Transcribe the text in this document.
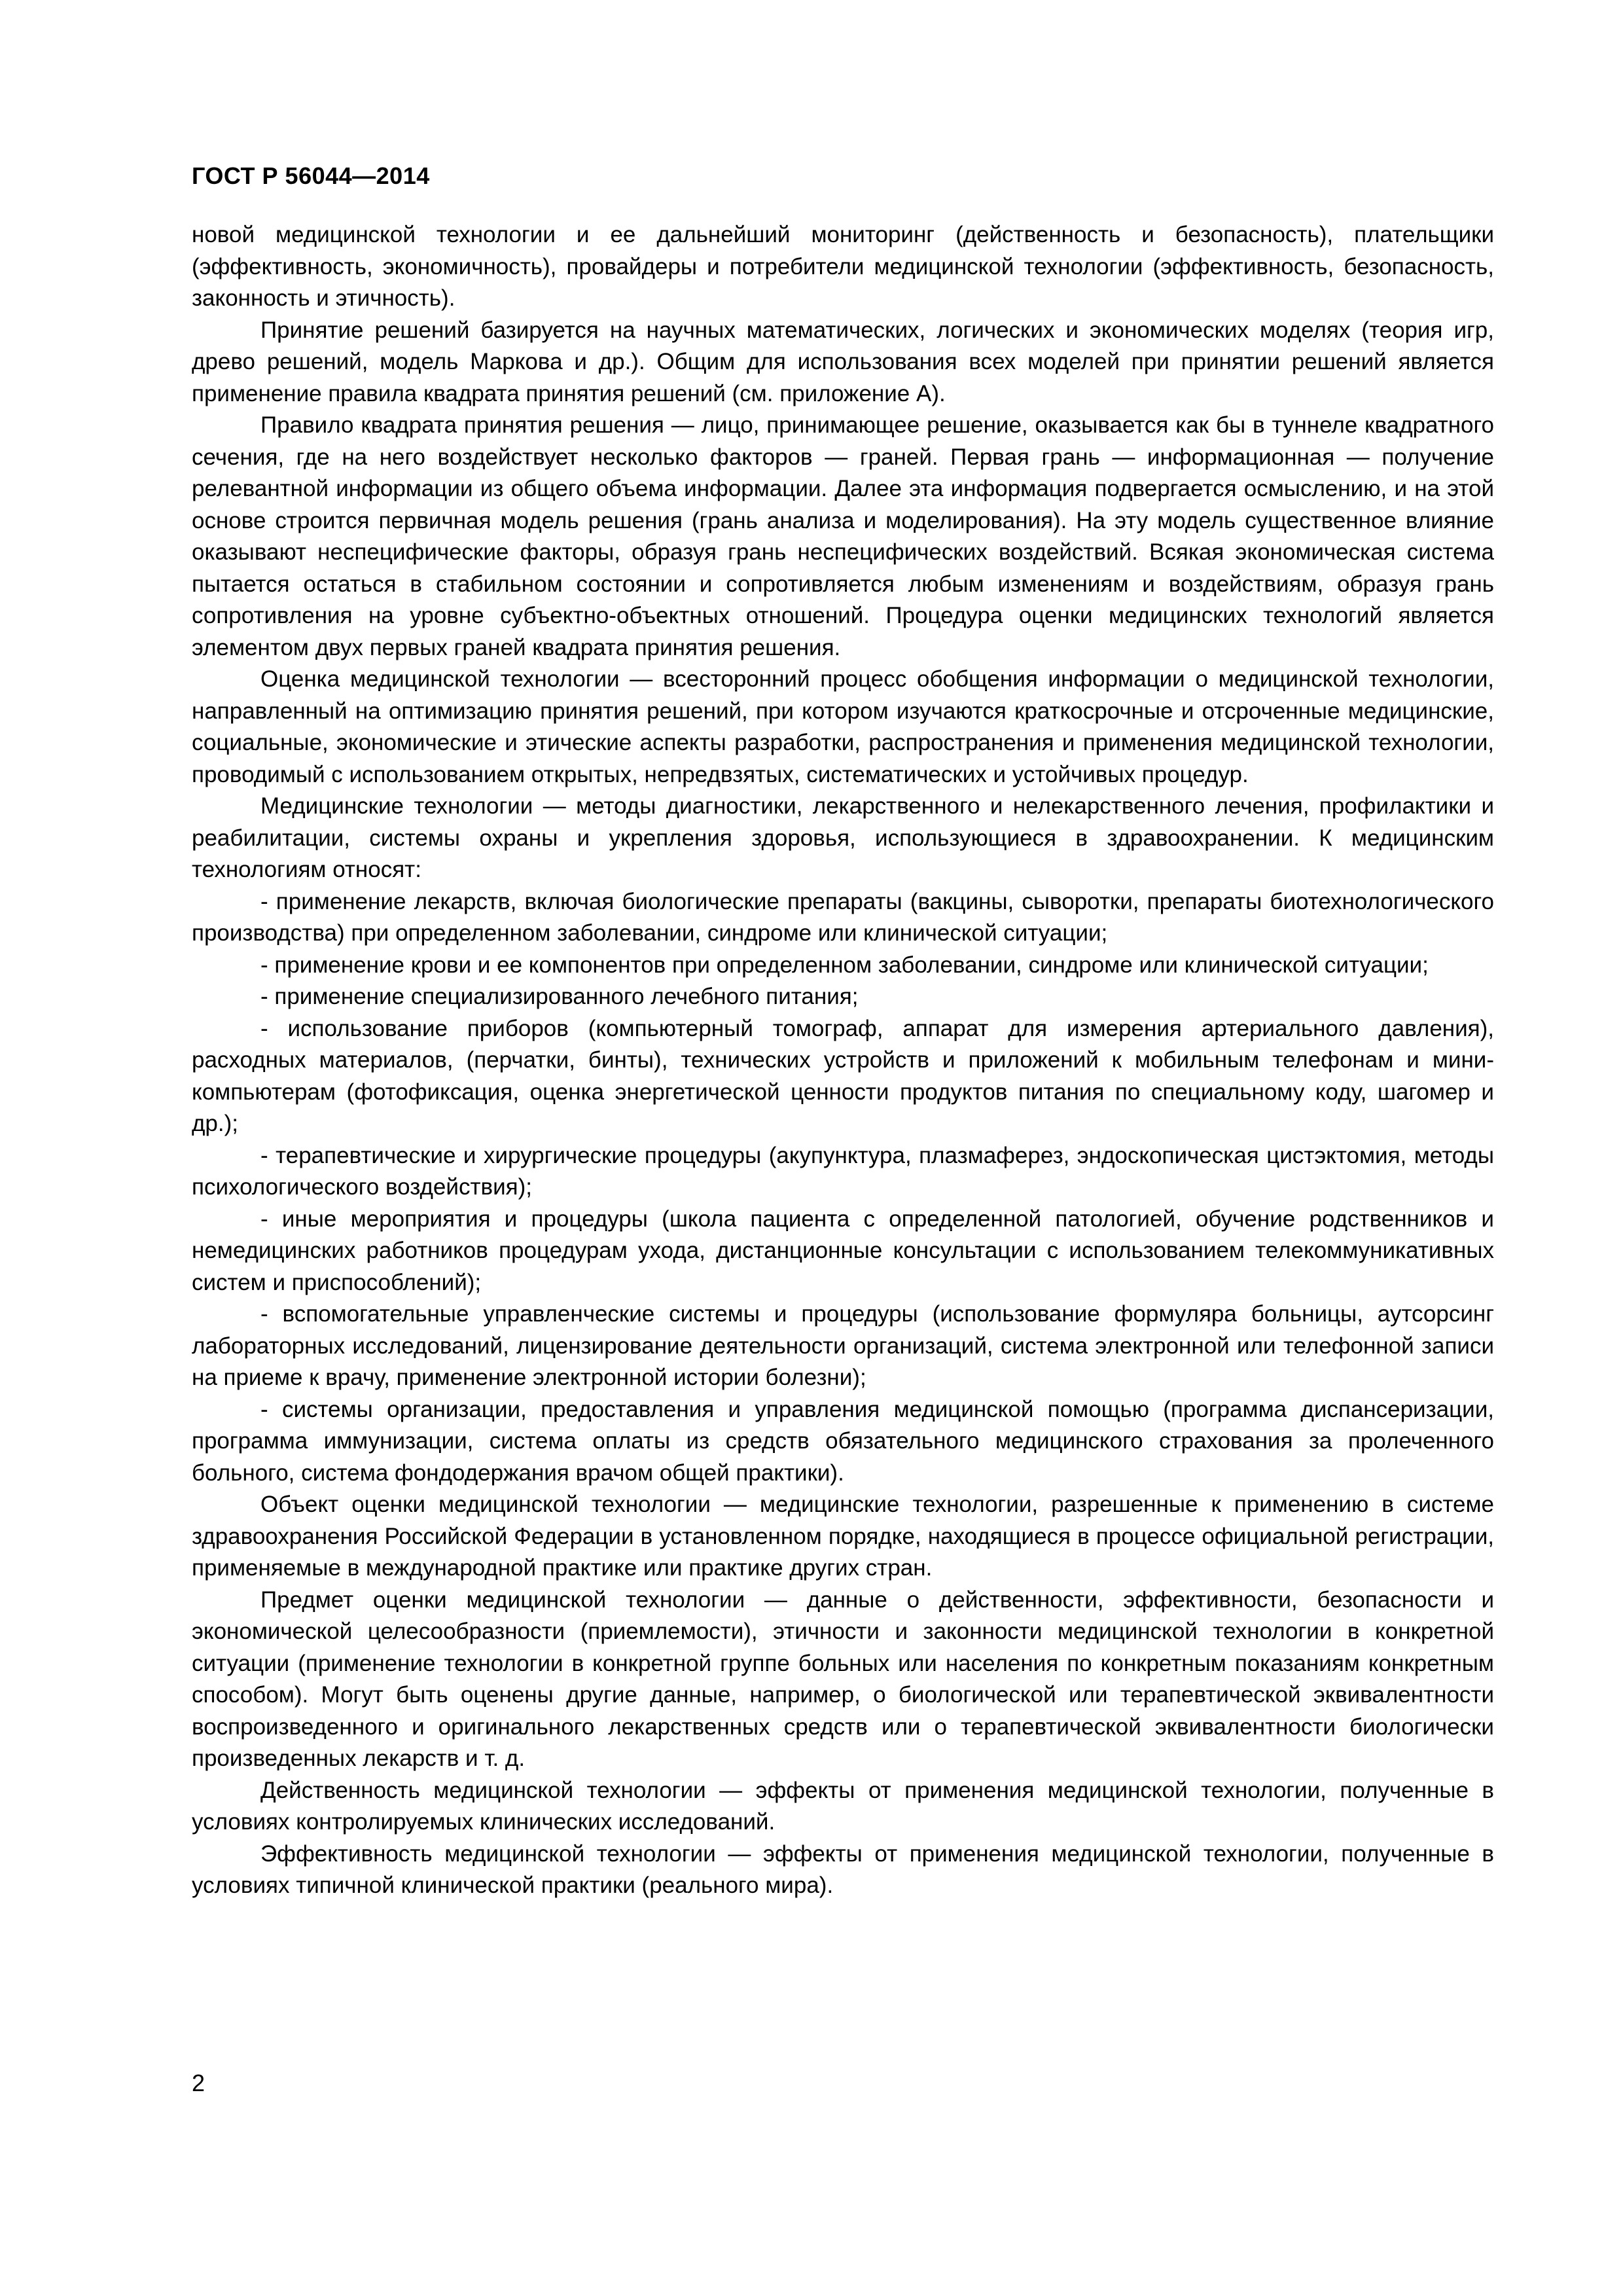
ГОСТ Р 56044—2014

новой медицинской технологии и ее дальнейший мониторинг (действенность и безопасность), плательщики (эффективность, экономичность), провайдеры и потребители медицинской технологии (эффективность, безопасность, законность и этичность).

Принятие решений базируется на научных математических, логических и экономических моделях (теория игр, древо решений, модель Маркова и др.). Общим для использования всех моделей при принятии решений является применение правила квадрата принятия решений (см. приложение А).

Правило квадрата принятия решения — лицо, принимающее решение, оказывается как бы в туннеле квадратного сечения, где на него воздействует несколько факторов — граней. Первая грань — информационная — получение релевантной информации из общего объема информации. Далее эта информация подвергается осмыслению, и на этой основе строится первичная модель решения (грань анализа и моделирования). На эту модель существенное влияние оказывают неспецифические факторы, образуя грань неспецифических воздействий. Всякая экономическая система пытается остаться в стабильном состоянии и сопротивляется любым изменениям и воздействиям, образуя грань сопротивления на уровне субъектно-объектных отношений. Процедура оценки медицинских технологий является элементом двух первых граней квадрата принятия решения.

Оценка медицинской технологии — всесторонний процесс обобщения информации о медицинской технологии, направленный на оптимизацию принятия решений, при котором изучаются краткосрочные и отсроченные медицинские, социальные, экономические и этические аспекты разработки, распространения и применения медицинской технологии, проводимый с использованием открытых, непредвзятых, систематических и устойчивых процедур.

Медицинские технологии — методы диагностики, лекарственного и нелекарственного лечения, профилактики и реабилитации, системы охраны и укрепления здоровья, использующиеся в здравоохранении. К медицинским технологиям относят:

- применение лекарств, включая биологические препараты (вакцины, сыворотки, препараты биотехнологического производства) при определенном заболевании, синдроме или клинической ситуации;

- применение крови и ее компонентов при определенном заболевании, синдроме или клинической ситуации;

- применение специализированного лечебного питания;

- использование приборов (компьютерный томограф, аппарат для измерения артериального давления), расходных материалов, (перчатки, бинты), технических устройств и приложений к мобильным телефонам и мини-компьютерам (фотофиксация, оценка энергетической ценности продуктов питания по специальному коду, шагомер и др.);

- терапевтические и хирургические процедуры (акупунктура, плазмаферез, эндоскопическая цистэктомия, методы психологического воздействия);

- иные мероприятия и процедуры (школа пациента с определенной патологией, обучение родственников и немедицинских работников процедурам ухода, дистанционные консультации с использованием телекоммуникативных систем и приспособлений);

- вспомогательные управленческие системы и процедуры (использование формуляра больницы, аутсорсинг лабораторных исследований, лицензирование деятельности организаций, система электронной или телефонной записи на приеме к врачу, применение электронной истории болезни);

- системы организации, предоставления и управления медицинской помощью (программа диспансеризации, программа иммунизации, система оплаты из средств обязательного медицинского страхования за пролеченного больного, система фондодержания врачом общей практики).

Объект оценки медицинской технологии — медицинские технологии, разрешенные к применению в системе здравоохранения Российской Федерации в установленном порядке, находящиеся в процессе официальной регистрации, применяемые в международной практике или практике других стран.

Предмет оценки медицинской технологии — данные о действенности, эффективности, безопасности и экономической целесообразности (приемлемости), этичности и законности медицинской технологии в конкретной ситуации (применение технологии в конкретной группе больных или населения по конкретным показаниям конкретным способом). Могут быть оценены другие данные, например, о биологической или терапевтической эквивалентности воспроизведенного и оригинального лекарственных средств или о терапевтической эквивалентности биологически произведенных лекарств и т. д.

Действенность медицинской технологии — эффекты от применения медицинской технологии, полученные в условиях контролируемых клинических исследований.

Эффективность медицинской технологии — эффекты от применения медицинской технологии, полученные в условиях типичной клинической практики (реального мира).

2
